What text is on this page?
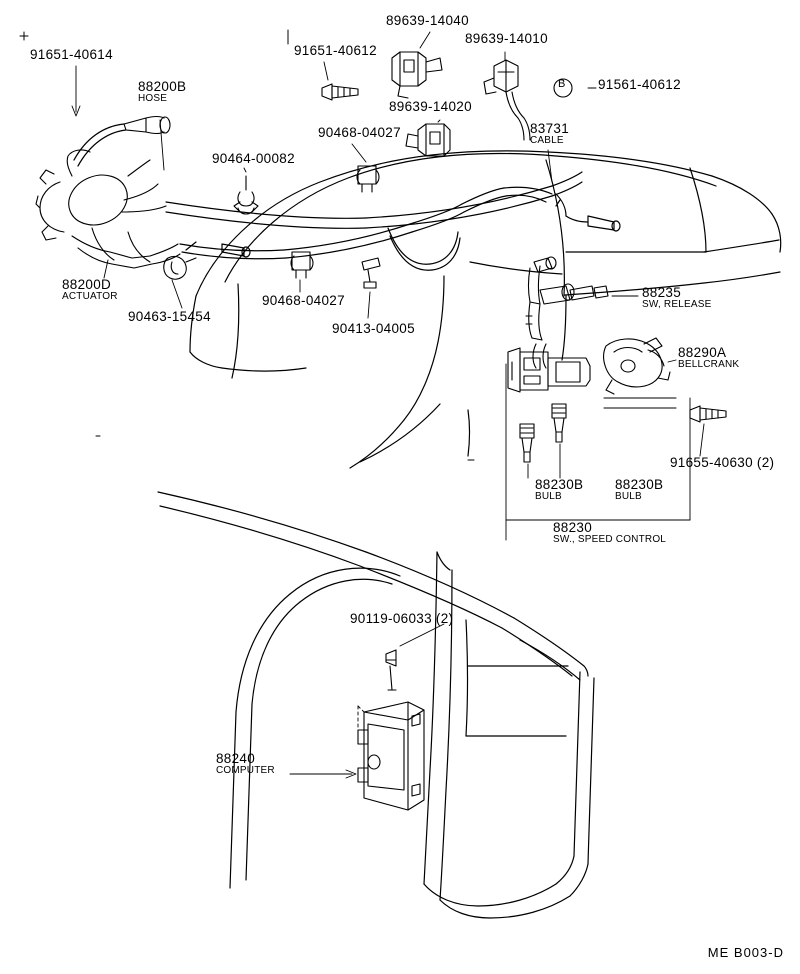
91651-40614
88200B
HOSE
91651-40612
89639-14040
89639-14010
91561-40612
B
89639-14020
90468-04027
90464-00082
83731
CABLE
88200D
ACTUATOR
90463-15454
90468-04027
90413-04005
88235
SW, RELEASE
88290A
BELLCRANK
91655-40630 (2)
88230B
BULB
88230B
BULB
88230
SW., SPEED CONTROL
90119-06033 (2)
88240
COMPUTER
ME B003-D
